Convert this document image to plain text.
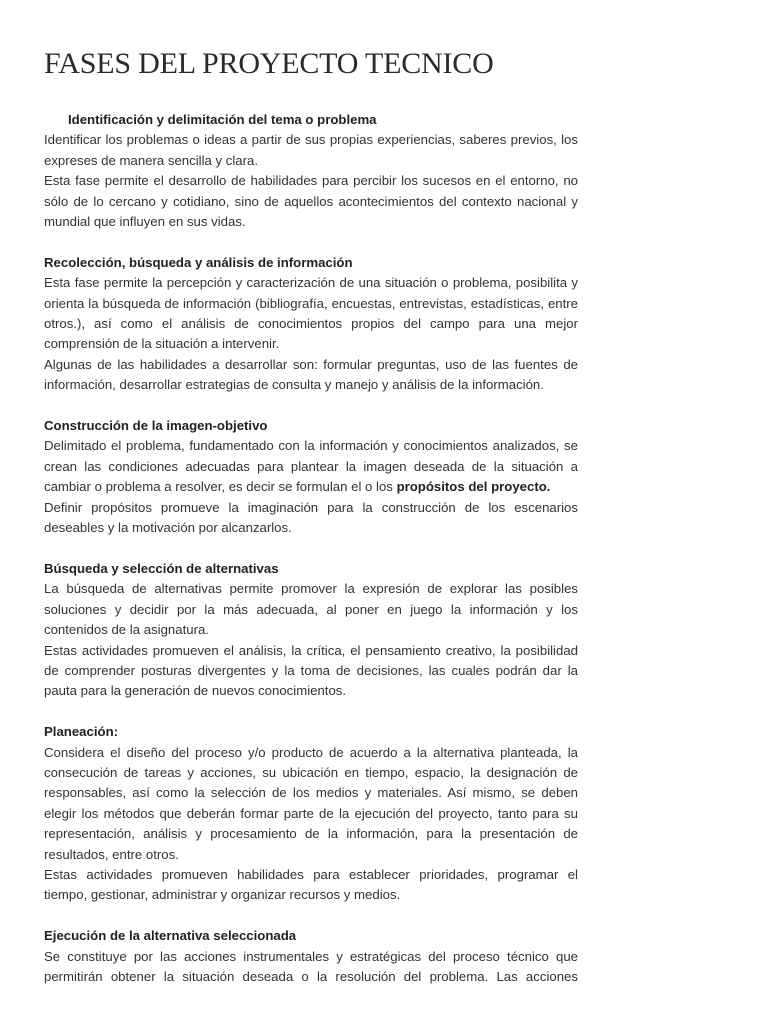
FASES DEL PROYECTO TECNICO

Identificación y delimitación del tema o problema

Identificar los problemas o ideas a partir de sus propias experiencias, saberes previos, los expreses de manera sencilla y clara.

Esta fase permite el desarrollo de habilidades para percibir los sucesos en el entorno, no sólo de lo cercano y cotidiano, sino de aquellos acontecimientos del contexto nacional y mundial que influyen en sus vidas.

Recolección, búsqueda y análisis de información

Esta fase permite la percepción y caracterización de una situación o problema, posibilita y orienta la búsqueda de información (bibliografía, encuestas, entrevistas, estadísticas, entre otros.), así como el análisis de conocimientos propios del campo para una mejor comprensión de la situación a intervenir.

Algunas de las habilidades a desarrollar son: formular preguntas, uso de las fuentes de información, desarrollar estrategias de consulta y manejo y análisis de la información.

Construcción de la imagen-objetivo

Delimitado el problema, fundamentado con la información y conocimientos analizados, se crean las condiciones adecuadas para plantear la imagen deseada de la situación a cambiar o problema a resolver, es decir se formulan el o los propósitos del proyecto.

Definir propósitos promueve la imaginación para la construcción de los escenarios deseables y la motivación por alcanzarlos.

Búsqueda y selección de alternativas

La búsqueda de alternativas permite promover la expresión de explorar las posibles soluciones y decidir por la más adecuada, al poner en juego la información y los contenidos de la asignatura.

Estas actividades promueven el análisis, la crítica, el pensamiento creativo, la posibilidad de comprender posturas divergentes y la toma de decisiones, las cuales podrán dar la pauta para la generación de nuevos conocimientos.

Planeación:

Considera el diseño del proceso y/o producto de acuerdo a la alternativa planteada, la consecución de tareas y acciones, su ubicación en tiempo, espacio, la designación de responsables, así como la selección de los medios y materiales. Así mismo, se deben elegir los métodos que deberán formar parte de la ejecución del proyecto, tanto para su representación, análisis y procesamiento de la información, para la presentación de resultados, entre otros.

Estas actividades promueven habilidades para establecer prioridades, programar el tiempo, gestionar, administrar y organizar recursos y medios.

Ejecución de la alternativa seleccionada

Se constituye por las acciones instrumentales y estratégicas del proceso técnico que permitirán obtener la situación deseada o la resolución del problema. Las acciones
